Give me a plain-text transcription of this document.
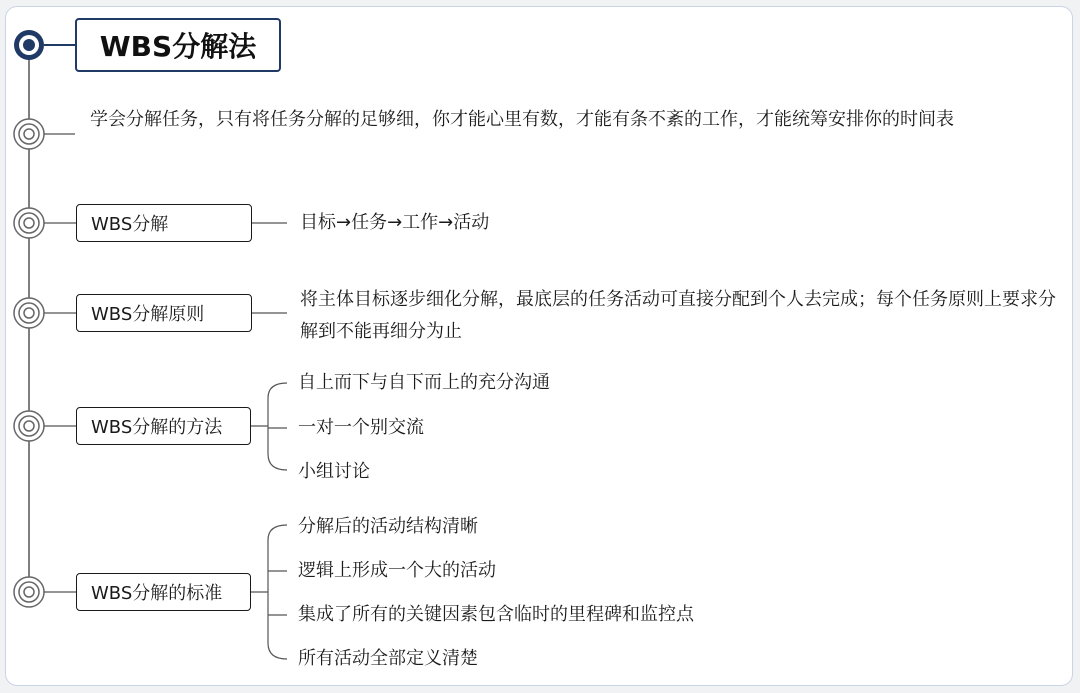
WBS分解法
学会分解任务，只有将任务分解的足够细，你才能心里有数，才能有条不紊的工作，才能统筹安排你的时间表
WBS分解	目标→任务→工作→活动
WBS分解原则
将主体目标逐步细化分解，最底层的任务活动可直接分配到个人去完成；每个任务原则上要求分解到不能再细分为止
WBS分解的方法
自上而下与自下而上的充分沟通
一对一个别交流
小组讨论
WBS分解的标准
分解后的活动结构清晰
逻辑上形成一个大的活动
集成了所有的关键因素包含临时的里程碑和监控点
所有活动全部定义清楚
